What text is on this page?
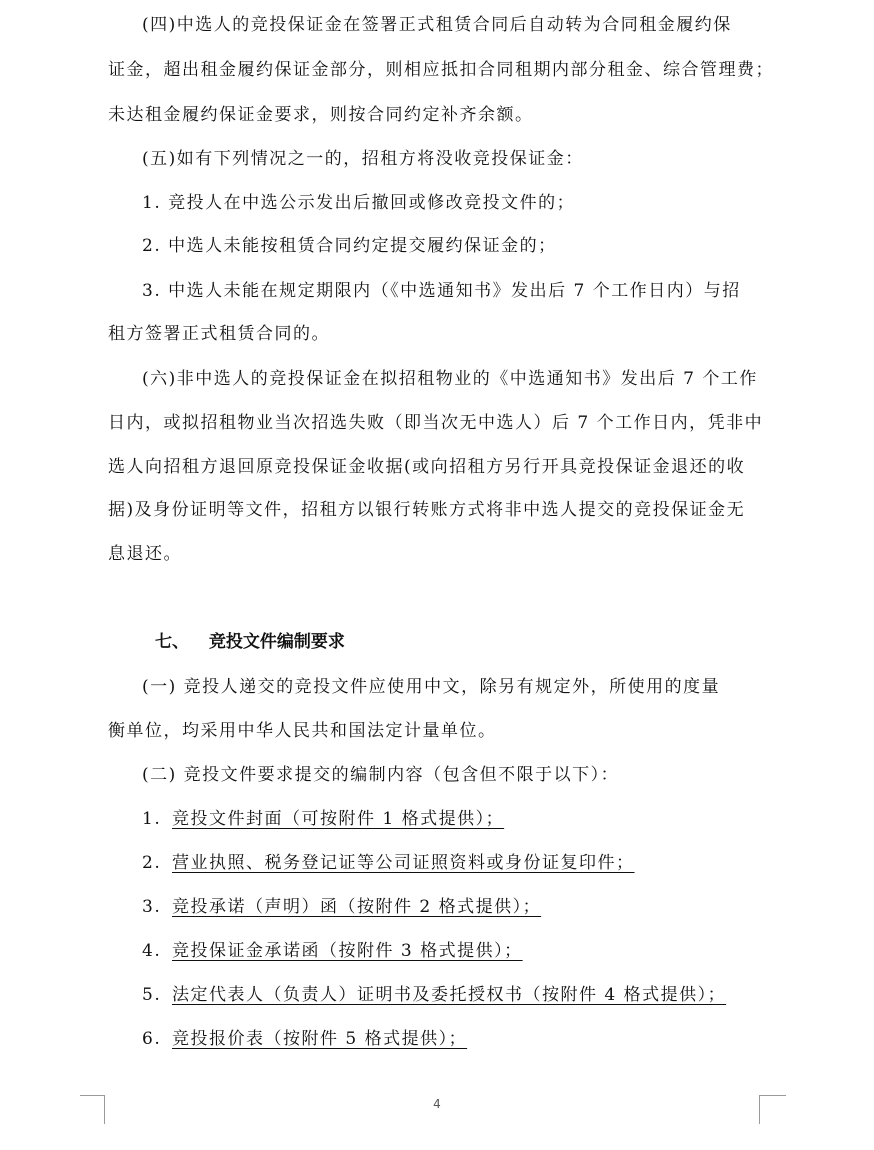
(四)中选人的竞投保证金在签署正式租赁合同后自动转为合同租金履约保
证金，超出租金履约保证金部分，则相应抵扣合同租期内部分租金、综合管理费；
未达租金履约保证金要求，则按合同约定补齐余额。
(五)如有下列情况之一的，招租方将没收竞投保证金：
1. 竞投人在中选公示发出后撤回或修改竞投文件的；
2. 中选人未能按租赁合同约定提交履约保证金的；
3. 中选人未能在规定期限内（《中选通知书》发出后 7 个工作日内）与招
租方签署正式租赁合同的。
(六)非中选人的竞投保证金在拟招租物业的《中选通知书》发出后 7 个工作
日内，或拟招租物业当次招选失败（即当次无中选人）后 7 个工作日内，凭非中
选人向招租方退回原竞投保证金收据(或向招租方另行开具竞投保证金退还的收
据)及身份证明等文件，招租方以银行转账方式将非中选人提交的竞投保证金无
息退还。
七、 竞投文件编制要求
(一) 竞投人递交的竞投文件应使用中文，除另有规定外，所使用的度量
衡单位，均采用中华人民共和国法定计量单位。
(二) 竞投文件要求提交的编制内容（包含但不限于以下）：
1. 竞投文件封面（可按附件 1 格式提供）；
2. 营业执照、税务登记证等公司证照资料或身份证复印件；
3. 竞投承诺（声明）函（按附件 2 格式提供）；
4. 竞投保证金承诺函（按附件 3 格式提供）；
5. 法定代表人（负责人）证明书及委托授权书（按附件 4 格式提供）；
6. 竞投报价表（按附件 5 格式提供）；
4
